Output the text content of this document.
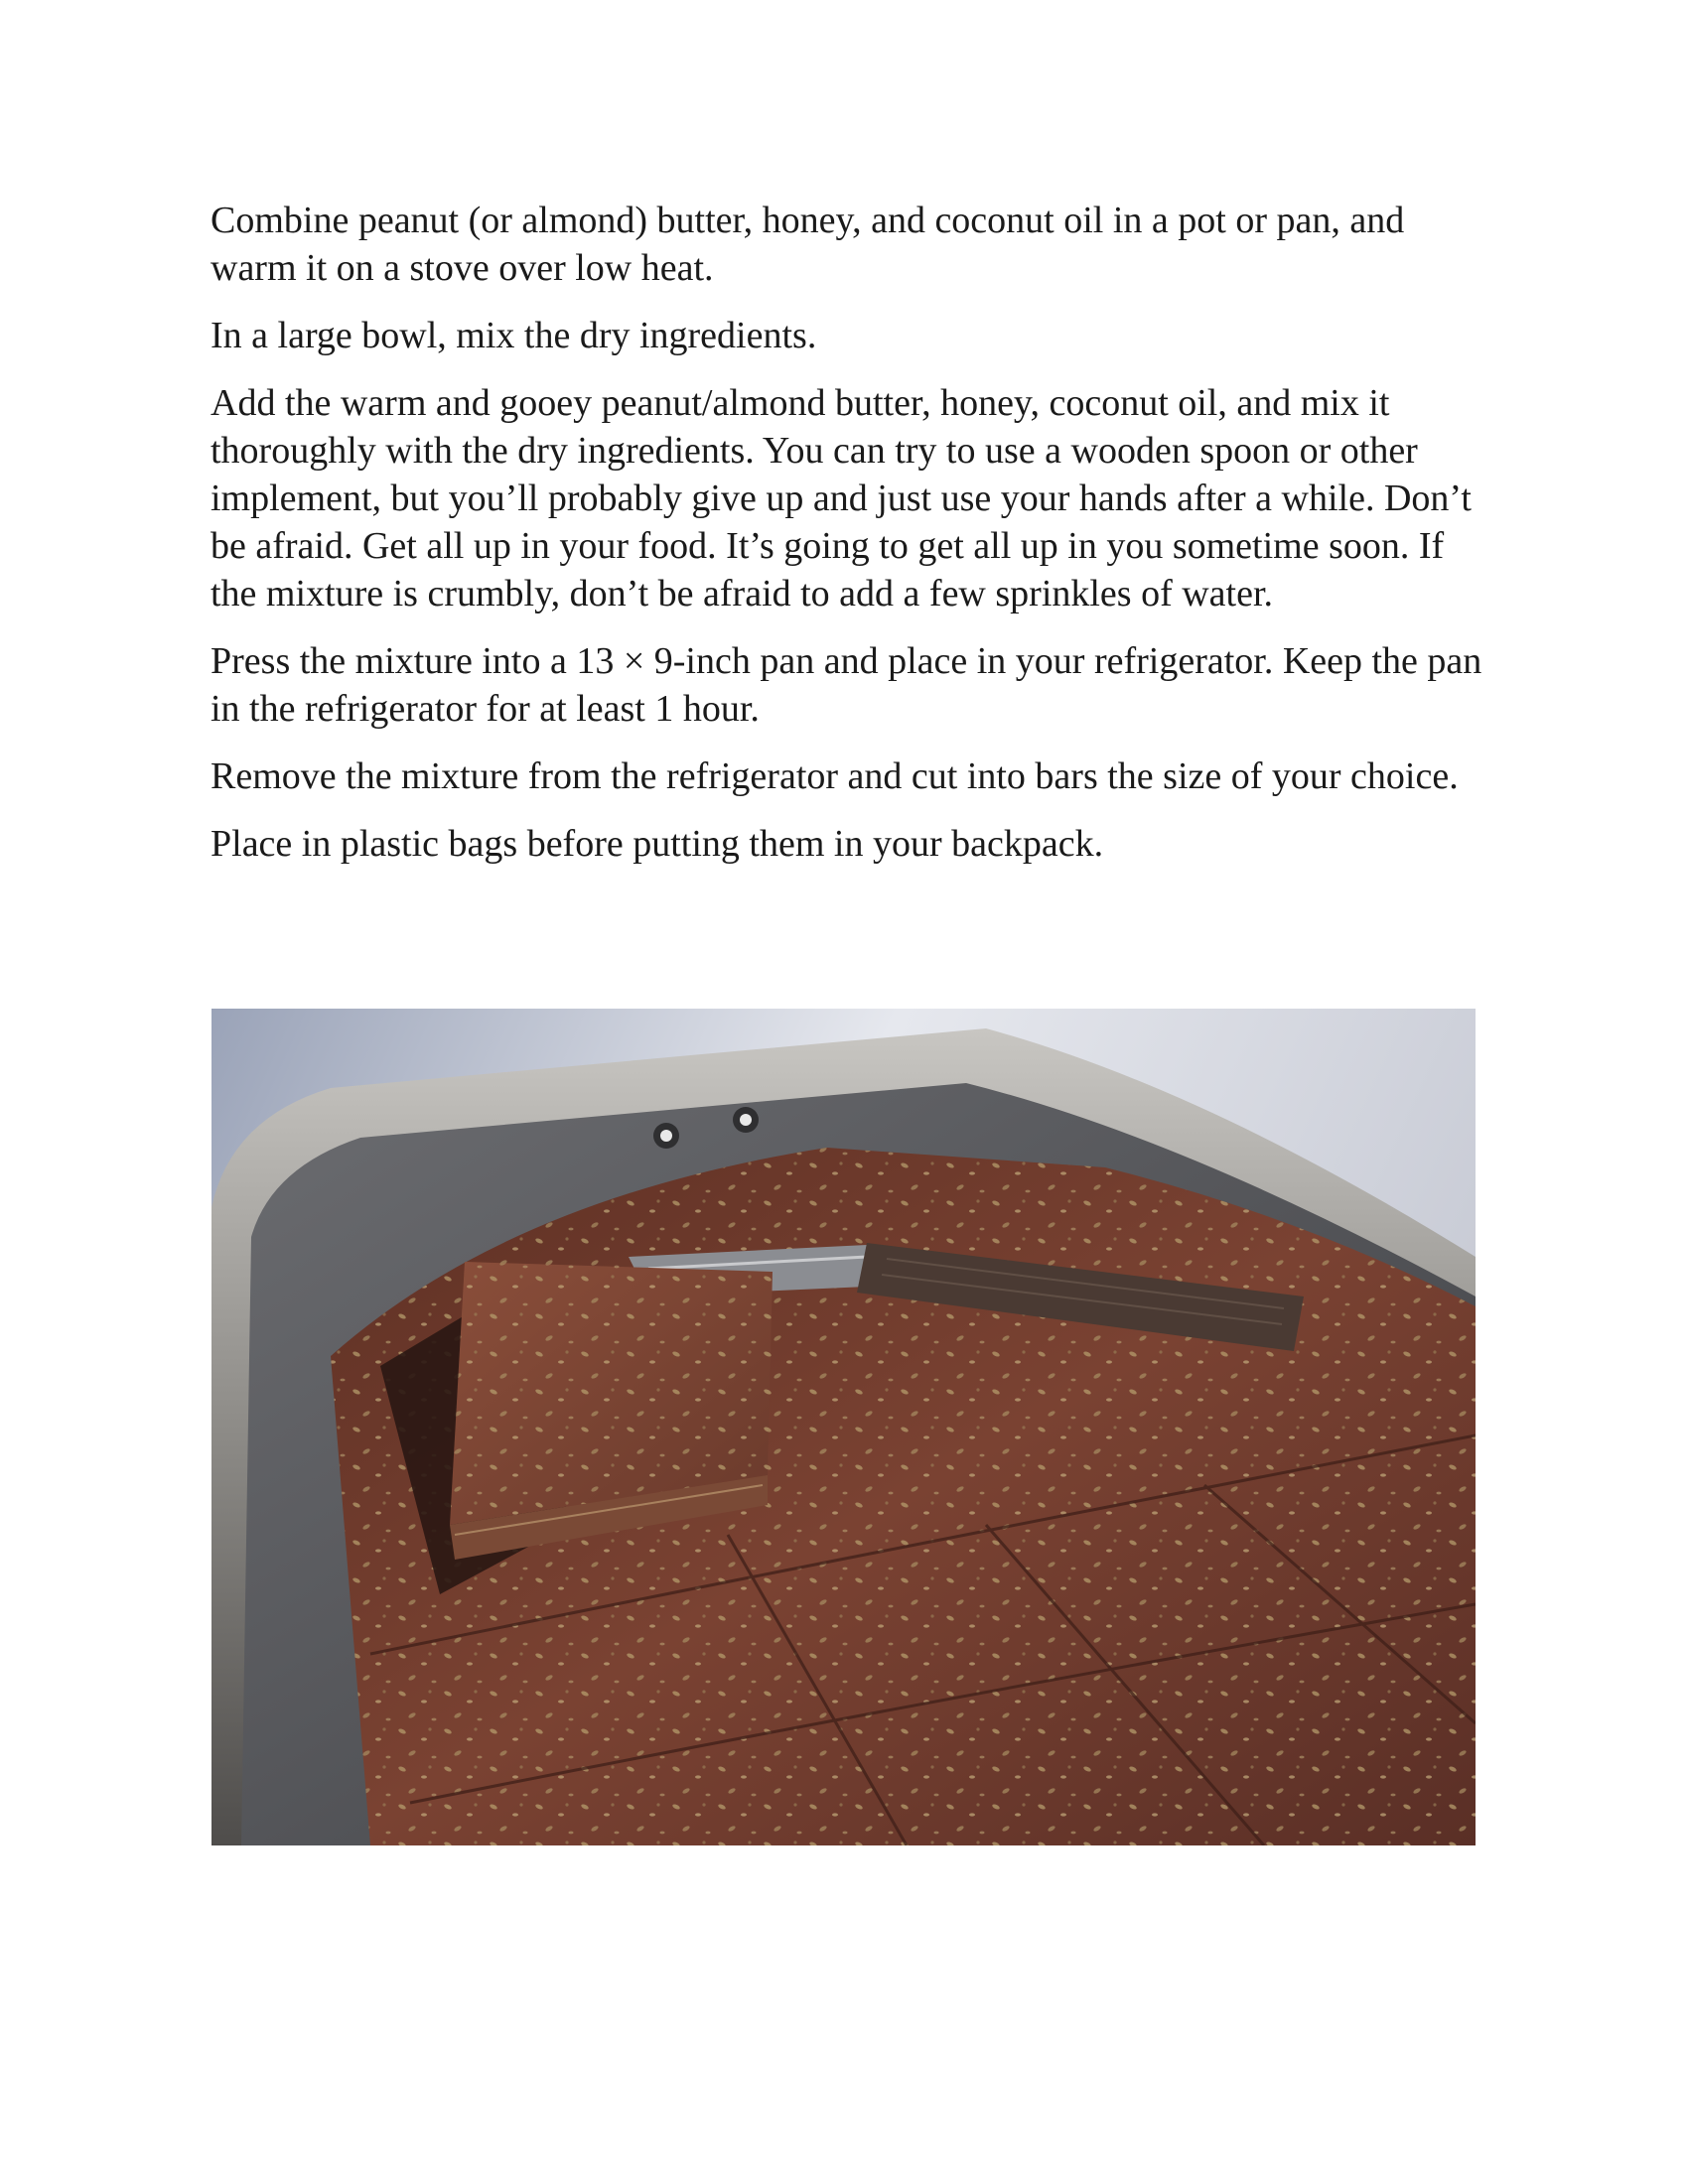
Combine peanut (or almond) butter, honey, and coconut oil in a pot or pan, and warm it on a stove over low heat.

In a large bowl, mix the dry ingredients.

Add the warm and gooey peanut/almond butter, honey, coconut oil, and mix it thoroughly with the dry ingredients. You can try to use a wooden spoon or other implement, but you’ll probably give up and just use your hands after a while. Don’t be afraid. Get all up in your food. It’s going to get all up in you sometime soon. If the mixture is crumbly, don’t be afraid to add a few sprinkles of water.

Press the mixture into a 13 × 9-inch pan and place in your refrigerator. Keep the pan in the refrigerator for at least 1 hour.

Remove the mixture from the refrigerator and cut into bars the size of your choice.

Place in plastic bags before putting them in your backpack.
